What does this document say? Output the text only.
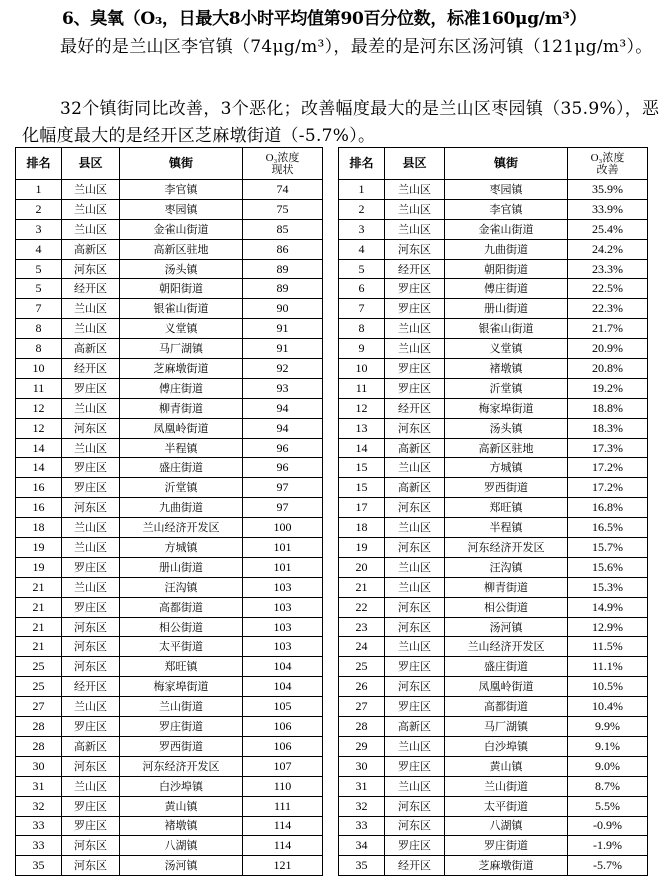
6、臭氧（O₃，日最大8小时平均值第90百分位数，标准160μg/m³）
最好的是兰山区李官镇（74μg/m³），最差的是河东区汤河镇（121μg/m³）。
32个镇街同比改善，3个恶化；改善幅度最大的是兰山区枣园镇（35.9%），恶化幅度最大的是经开区芝麻墩街道（-5.7%）。
排名	县区	镇街	O₃浓度
现状
1	兰山区	李官镇	74
2	兰山区	枣园镇	75
3	兰山区	金雀山街道	85
4	高新区	高新区驻地	86
5	河东区	汤头镇	89
5	经开区	朝阳街道	89
7	兰山区	银雀山街道	90
8	兰山区	义堂镇	91
8	高新区	马厂湖镇	91
10	经开区	芝麻墩街道	92
11	罗庄区	傅庄街道	93
12	兰山区	柳青街道	94
12	河东区	凤凰岭街道	94
14	兰山区	半程镇	96
14	罗庄区	盛庄街道	96
16	罗庄区	沂堂镇	97
16	河东区	九曲街道	97
18	兰山区	兰山经济开发区	100
19	兰山区	方城镇	101
19	罗庄区	册山街道	101
21	兰山区	汪沟镇	103
21	罗庄区	高都街道	103
21	河东区	相公街道	103
21	河东区	太平街道	103
25	河东区	郑旺镇	104
25	经开区	梅家埠街道	104
27	兰山区	兰山街道	105
28	罗庄区	罗庄街道	106
28	高新区	罗西街道	106
30	河东区	河东经济开发区	107
31	兰山区	白沙埠镇	110
32	罗庄区	黄山镇	111
33	罗庄区	褚墩镇	114
33	河东区	八湖镇	114
35	河东区	汤河镇	121
排名	县区	镇街	O₃浓度
改善
1	兰山区	枣园镇	35.9%
2	兰山区	李官镇	33.9%
3	兰山区	金雀山街道	25.4%
4	河东区	九曲街道	24.2%
5	经开区	朝阳街道	23.3%
6	罗庄区	傅庄街道	22.5%
7	罗庄区	册山街道	22.3%
8	兰山区	银雀山街道	21.7%
9	兰山区	义堂镇	20.9%
10	罗庄区	褚墩镇	20.8%
11	罗庄区	沂堂镇	19.2%
12	经开区	梅家埠街道	18.8%
13	河东区	汤头镇	18.3%
14	高新区	高新区驻地	17.3%
15	兰山区	方城镇	17.2%
15	高新区	罗西街道	17.2%
17	河东区	郑旺镇	16.8%
18	兰山区	半程镇	16.5%
19	河东区	河东经济开发区	15.7%
20	兰山区	汪沟镇	15.6%
21	兰山区	柳青街道	15.3%
22	河东区	相公街道	14.9%
23	河东区	汤河镇	12.9%
24	兰山区	兰山经济开发区	11.5%
25	罗庄区	盛庄街道	11.1%
26	河东区	凤凰岭街道	10.5%
27	罗庄区	高都街道	10.4%
28	高新区	马厂湖镇	9.9%
29	兰山区	白沙埠镇	9.1%
30	罗庄区	黄山镇	9.0%
31	兰山区	兰山街道	8.7%
32	河东区	太平街道	5.5%
33	河东区	八湖镇	-0.9%
34	罗庄区	罗庄街道	-1.9%
35	经开区	芝麻墩街道	-5.7%
